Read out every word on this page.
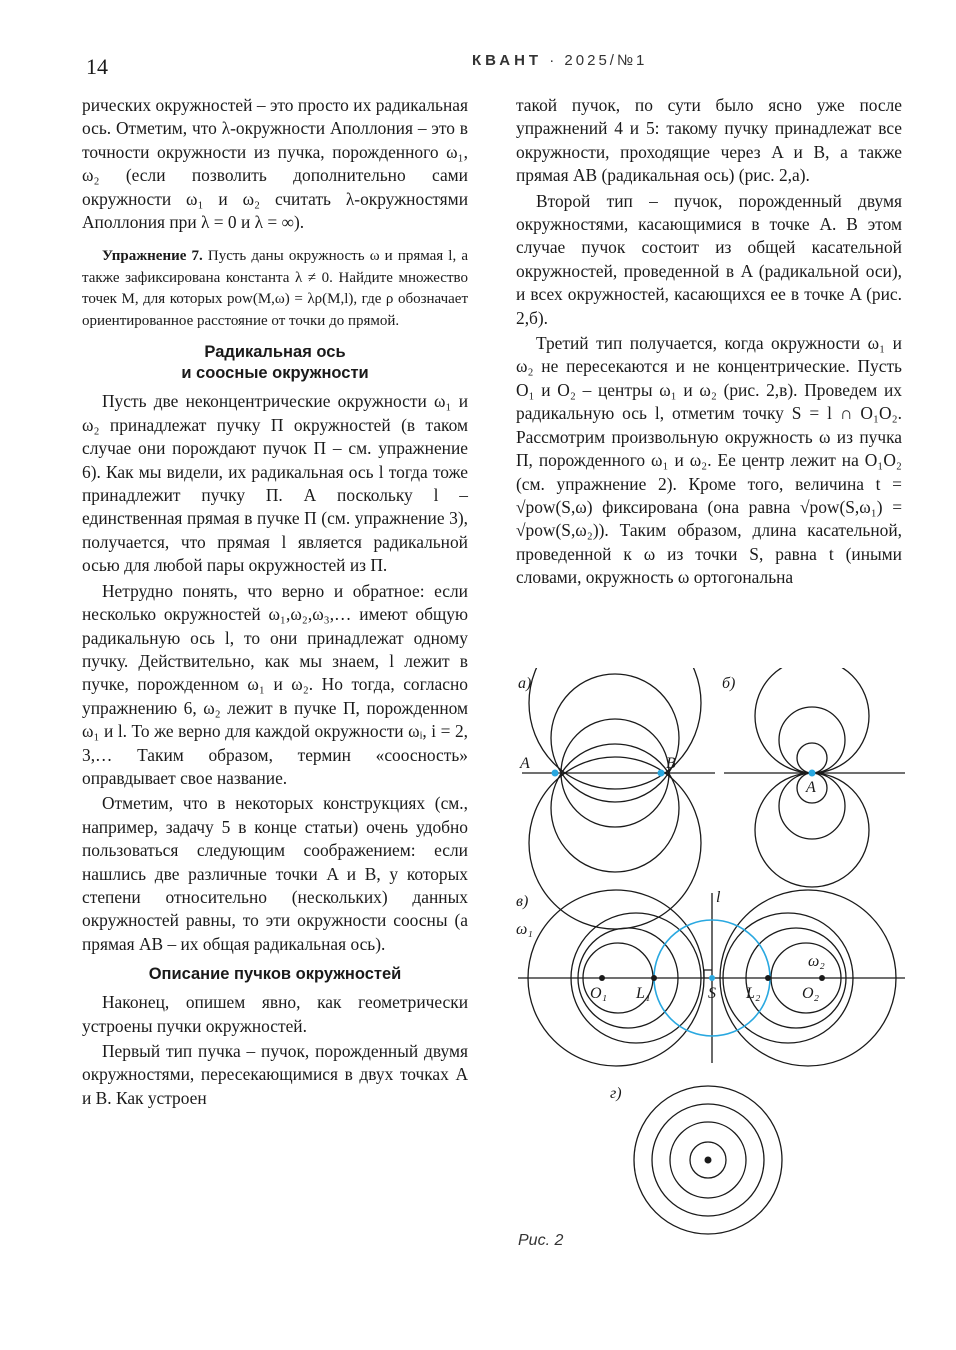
14	КВАНТ · 2025/№1

рических окружностей – это просто их радикальная ось. Отметим, что λ-окружности Аполлония – это в точности окружности из пучка, порожденного ω₁, ω₂ (если позволить дополнительно сами окружности ω₁ и ω₂ считать λ-окружностями Аполлония при λ = 0 и λ = ∞).

Упражнение 7. Пусть даны окружность ω и прямая l, а также зафиксирована константа λ ≠ 0. Найдите множество точек M, для которых pow(M,ω) = λρ(M,l), где ρ обозначает ориентированное расстояние от точки до прямой.

Радикальная ось
и соосные окружности

Пусть две неконцентрические окружности ω₁ и ω₂ принадлежат пучку Π окружностей (в таком случае они порождают пучок Π – см. упражнение 6). Как мы видели, их радикальная ось l тогда тоже принадлежит пучку Π. А поскольку l – единственная прямая в пучке Π (см. упражнение 3), получается, что прямая l является радикальной осью для любой пары окружностей из Π.

Нетрудно понять, что верно и обратное: если несколько окружностей ω₁,ω₂,ω₃,… имеют общую радикальную ось l, то они принадлежат одному пучку. Действительно, как мы знаем, l лежит в пучке, порожденном ω₁ и ω₂. Но тогда, согласно упражнению 6, ω₂ лежит в пучке Π, порожденном ω₁ и l. То же верно для каждой окружности ωᵢ, i = 2, 3,… Таким образом, термин «соосность» оправдывает свое название.

Отметим, что в некоторых конструкциях (см., например, задачу 5 в конце статьи) очень удобно пользоваться следующим соображением: если нашлись две различные точки A и B, у которых степени относительно (нескольких) данных окружностей равны, то эти окружности соосны (а прямая AB – их общая радикальная ось).

Описание пучков окружностей

Наконец, опишем явно, как геометрически устроены пучки окружностей.

Первый тип пучка – пучок, порожденный двумя окружностями, пересекающимися в двух точках A и B. Как устроен

такой пучок, по сути было ясно уже после упражнений 4 и 5: такому пучку принадлежат все окружности, проходящие через A и B, а также прямая AB (радикальная ось) (рис. 2,а).

Второй тип – пучок, порожденный двумя окружностями, касающимися в точке A. В этом случае пучок состоит из общей касательной окружностей, проведенной в A (радикальной оси), и всех окружностей, касающихся ее в точке A (рис. 2,б).

Третий тип получается, когда окружности ω₁ и ω₂ не пересекаются и не концентрические. Пусть O₁ и O₂ – центры ω₁ и ω₂ (рис. 2,в). Проведем их радикальную ось l, отметим точку S = l ∩ O₁O₂. Рассмотрим произвольную окружность ω из пучка Π, порожденного ω₁ и ω₂. Ее центр лежит на O₁O₂ (см. упражнение 2). Кроме того, величина t = √pow(S,ω) фиксирована (она равна √pow(S,ω₁) = √pow(S,ω₂)). Таким образом, длина касательной, проведенной к ω из точки S, равна t (иными словами, окружность ω ортогональна

а)	б)
A	B
A
в)	l
ω₁
ω₂
O₁ L₁	S L₂	O₂
г)
Рис. 2
